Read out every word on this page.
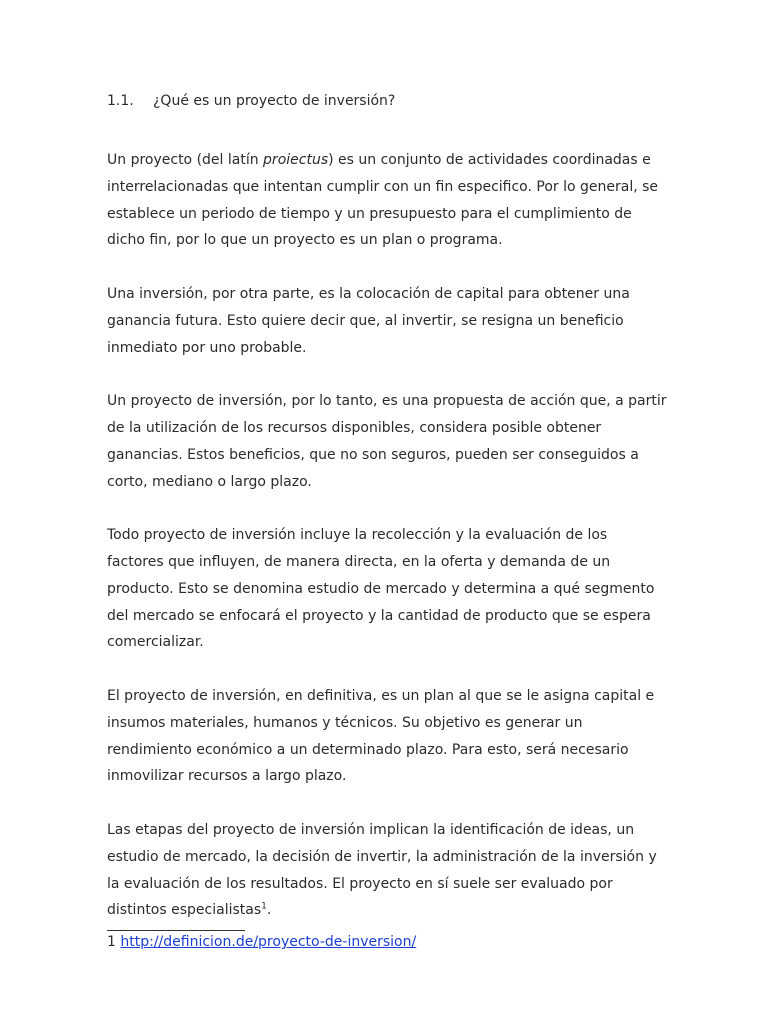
1.1. ¿Qué es un proyecto de inversión?

Un proyecto (del latín proiectus) es un conjunto de actividades coordinadas e interrelacionadas que intentan cumplir con un fin especifico. Por lo general, se establece un periodo de tiempo y un presupuesto para el cumplimiento de dicho fin, por lo que un proyecto es un plan o programa.

Una inversión, por otra parte, es la colocación de capital para obtener una ganancia futura. Esto quiere decir que, al invertir, se resigna un beneficio inmediato por uno probable.

Un proyecto de inversión, por lo tanto, es una propuesta de acción que, a partir de la utilización de los recursos disponibles, considera posible obtener ganancias. Estos beneficios, que no son seguros, pueden ser conseguidos a corto, mediano o largo plazo.

Todo proyecto de inversión incluye la recolección y la evaluación de los factores que influyen, de manera directa, en la oferta y demanda de un producto. Esto se denomina estudio de mercado y determina a qué segmento del mercado se enfocará el proyecto y la cantidad de producto que se espera comercializar.

El proyecto de inversión, en definitiva, es un plan al que se le asigna capital e insumos materiales, humanos y técnicos. Su objetivo es generar un rendimiento económico a un determinado plazo. Para esto, será necesario inmovilizar recursos a largo plazo.

Las etapas del proyecto de inversión implican la identificación de ideas, un estudio de mercado, la decisión de invertir, la administración de la inversión y la evaluación de los resultados. El proyecto en sí suele ser evaluado por distintos especialistas$^1$.

1 http://definicion.de/proyecto-de-inversion/
